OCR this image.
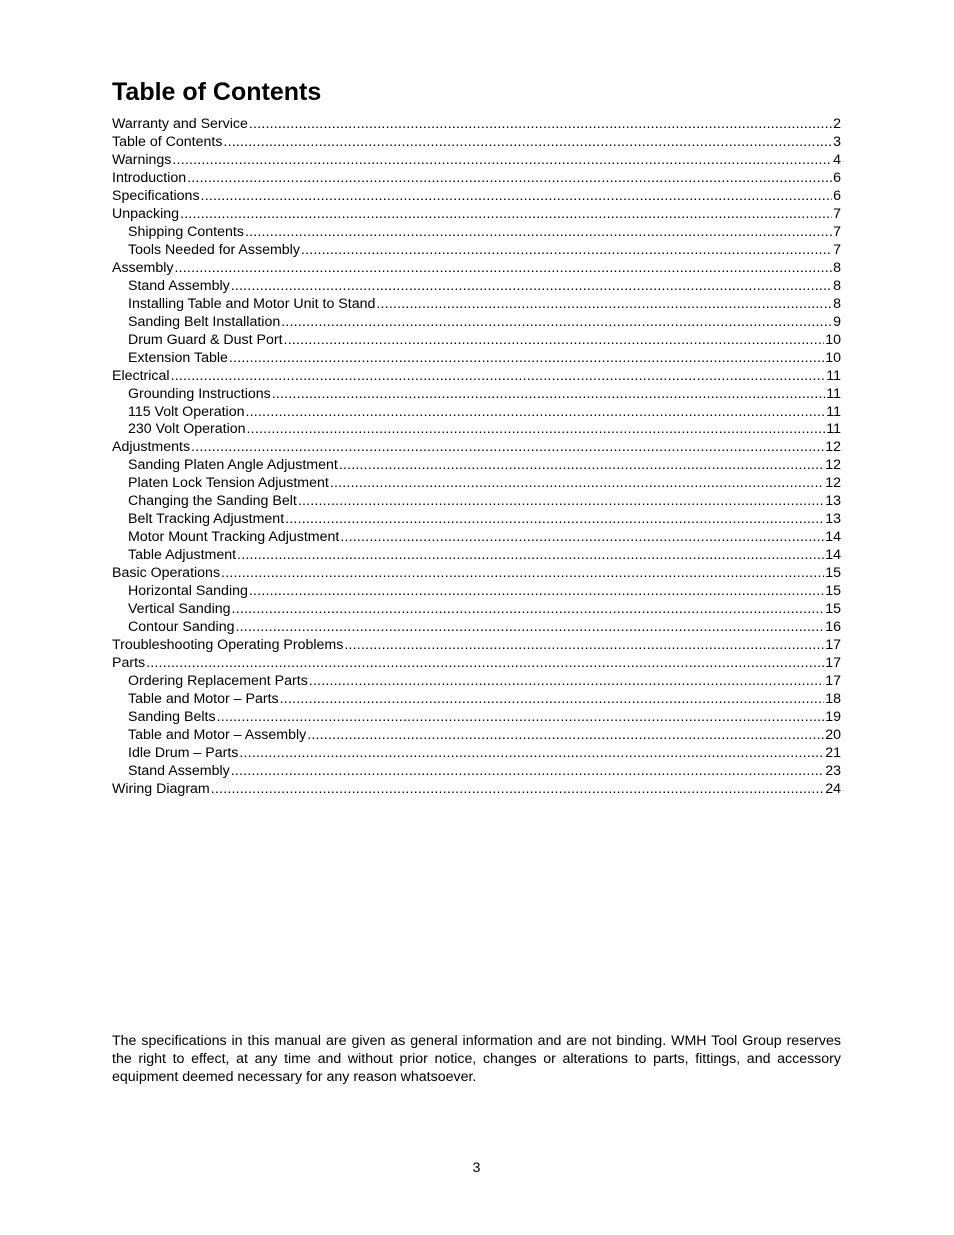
Table of Contents
Warranty and Service .....	2
Table of Contents .....	3
Warnings .....	4
Introduction .....	6
Specifications .....	6
Unpacking .....	7
Shipping Contents .....	7
Tools Needed for Assembly .....	7
Assembly .....	8
Stand Assembly .....	8
Installing Table and Motor Unit to Stand .....	8
Sanding Belt Installation .....	9
Drum Guard & Dust Port .....	10
Extension Table .....	10
Electrical .....	11
Grounding Instructions .....	11
115 Volt Operation .....	11
230 Volt Operation .....	11
Adjustments .....	12
Sanding Platen Angle Adjustment .....	12
Platen Lock Tension Adjustment .....	12
Changing the Sanding Belt .....	13
Belt Tracking Adjustment .....	13
Motor Mount Tracking Adjustment .....	14
Table Adjustment .....	14
Basic Operations .....	15
Horizontal Sanding .....	15
Vertical Sanding .....	15
Contour Sanding .....	16
Troubleshooting Operating Problems .....	17
Parts .....	17
Ordering Replacement Parts .....	17
Table and Motor – Parts .....	18
Sanding Belts .....	19
Table and Motor – Assembly .....	20
Idle Drum – Parts .....	21
Stand Assembly .....	23
Wiring Diagram .....	24

The specifications in this manual are given as general information and are not binding. WMH Tool Group reserves the right to effect, at any time and without prior notice, changes or alterations to parts, fittings, and accessory equipment deemed necessary for any reason whatsoever.

3
